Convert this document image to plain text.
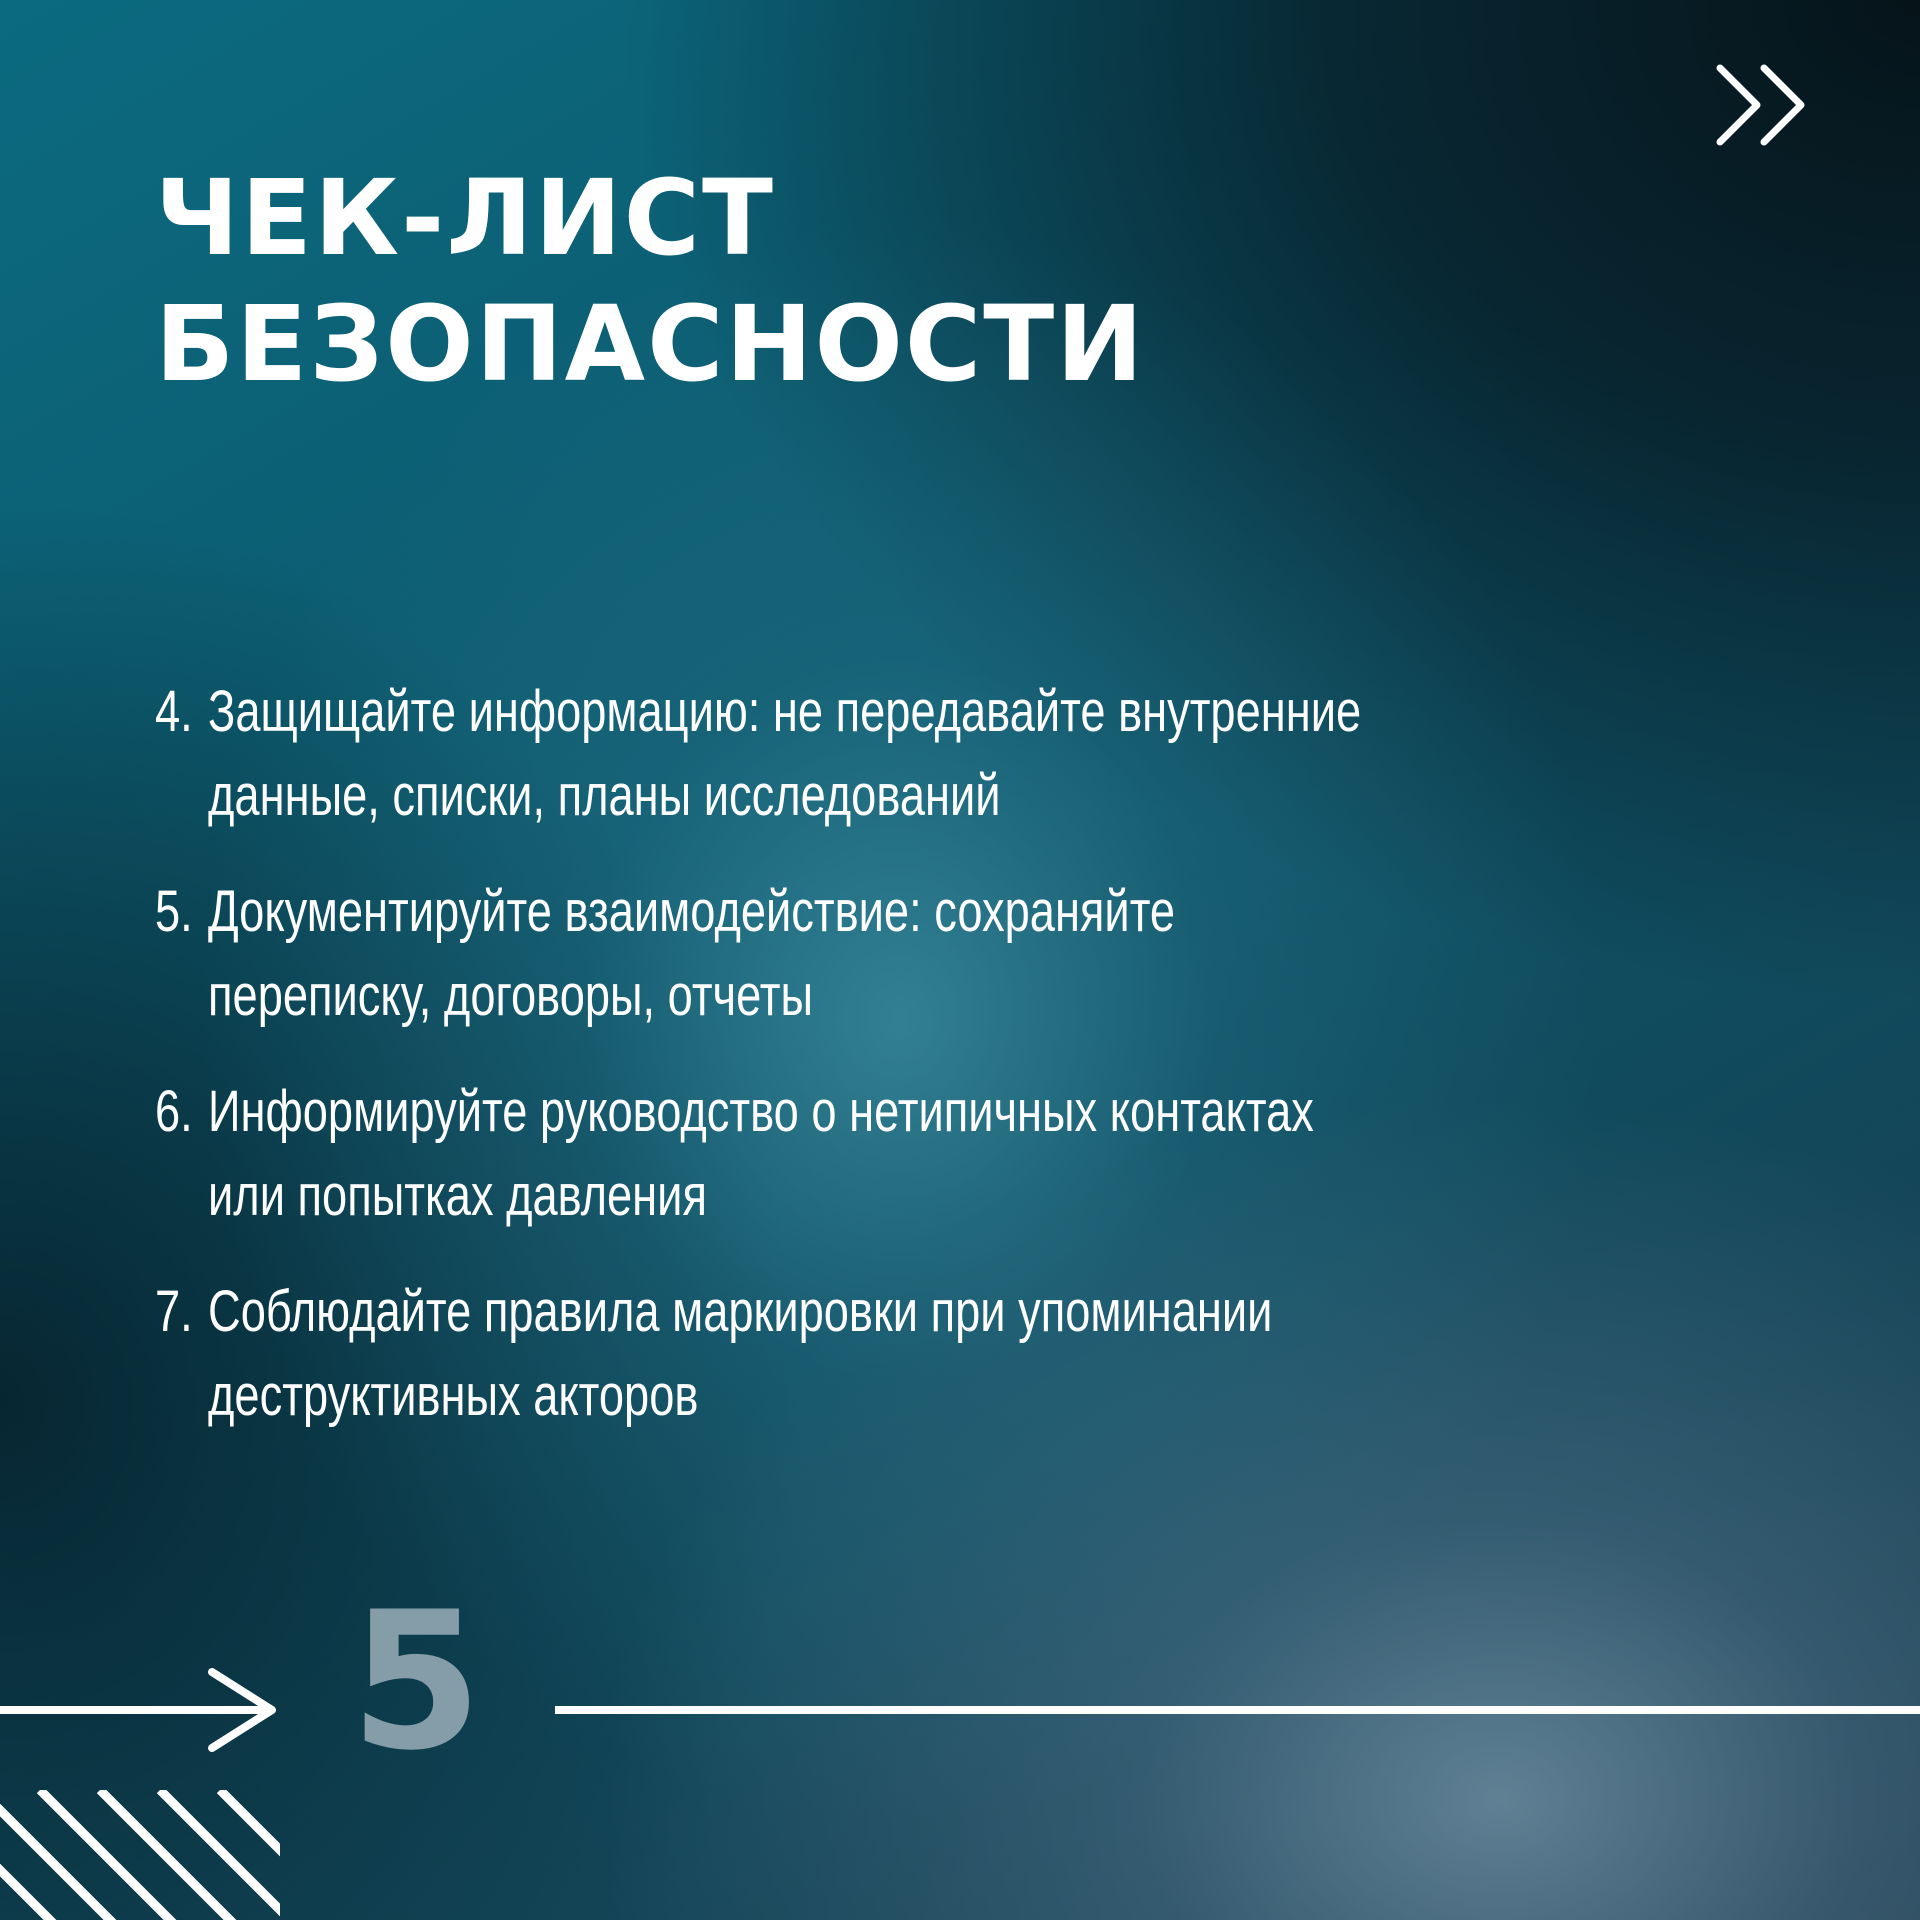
ЧЕК-ЛИСТ
БЕЗОПАСНОСТИ
4. Защищайте информацию: не передавайте внутренние данные, списки, планы исследований
5. Документируйте взаимодействие: сохраняйте переписку, договоры, отчеты
6. Информируйте руководство о нетипичных контактах или попытках давления
7. Соблюдайте правила маркировки при упоминании деструктивных акторов
5
